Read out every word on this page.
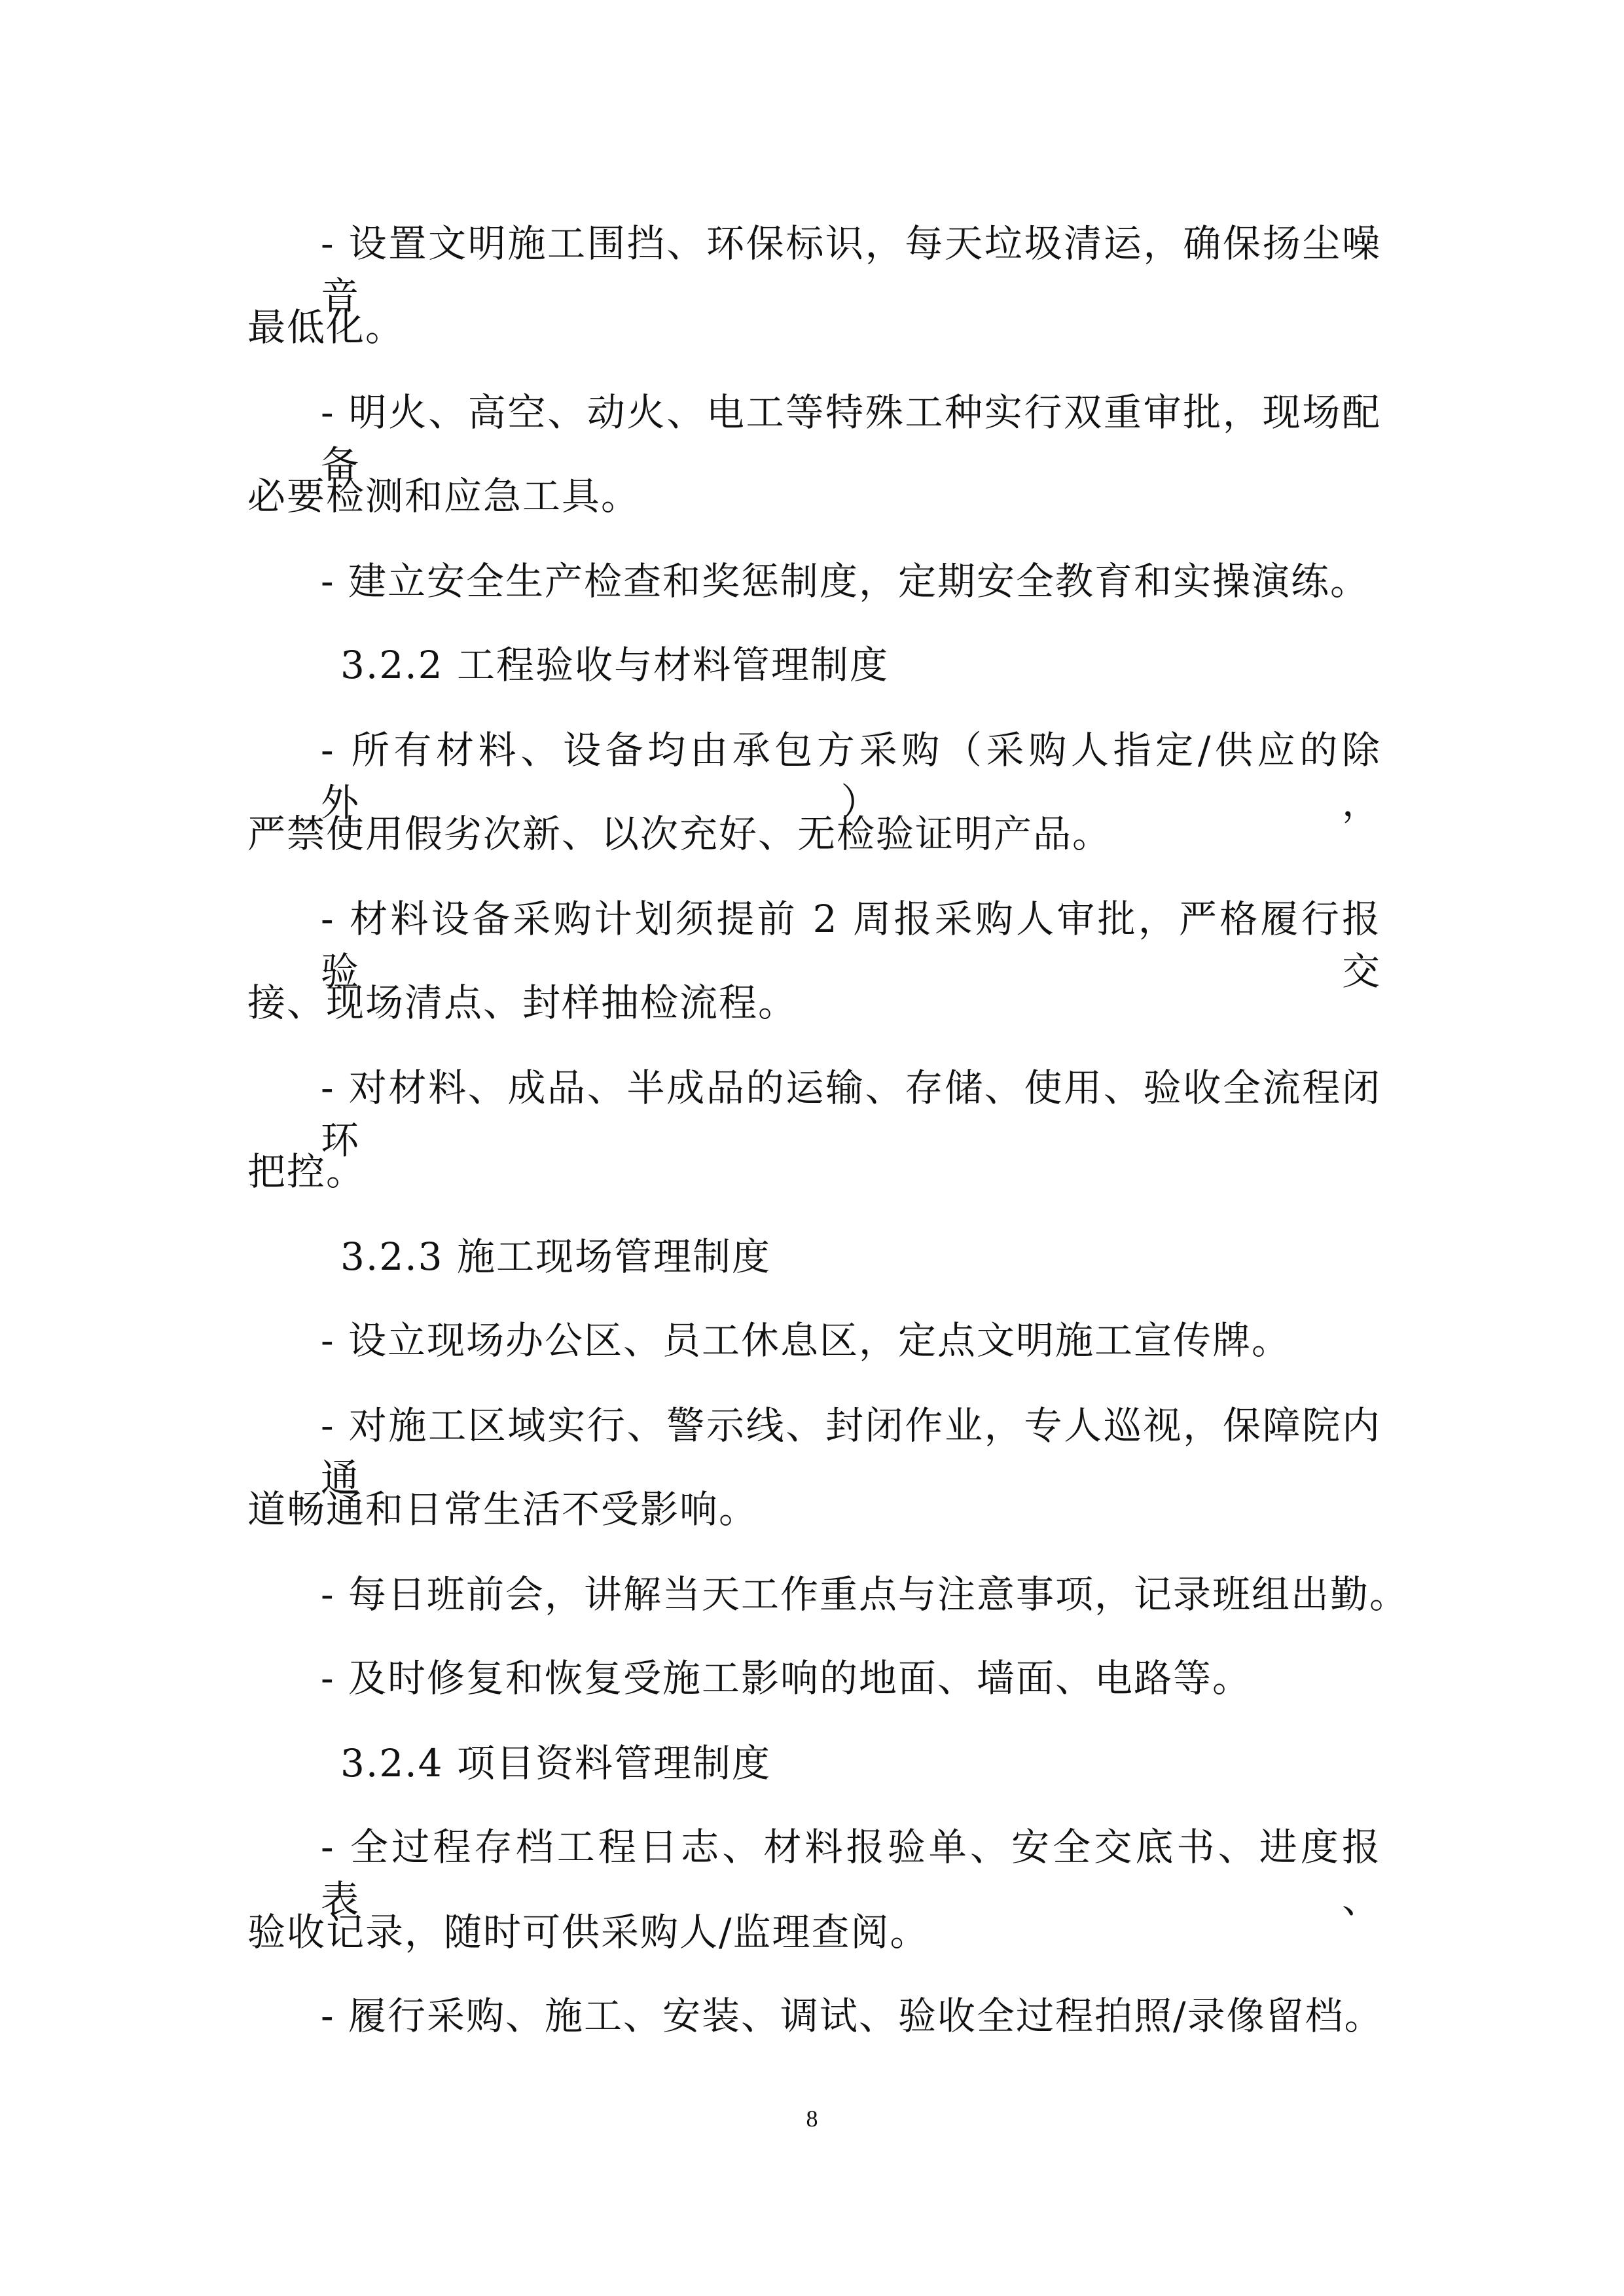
- 设置文明施工围挡、环保标识，每天垃圾清运，确保扬尘噪音
最低化。
- 明火、高空、动火、电工等特殊工种实行双重审批，现场配备
必要检测和应急工具。
- 建立安全生产检查和奖惩制度，定期安全教育和实操演练。
3.2.2 工程验收与材料管理制度
- 所有材料、设备均由承包方采购（采购人指定/供应的除外），
严禁使用假劣次新、以次充好、无检验证明产品。
- 材料设备采购计划须提前 2 周报采购人审批，严格履行报验交
接、现场清点、封样抽检流程。
- 对材料、成品、半成品的运输、存储、使用、验收全流程闭环
把控。
3.2.3 施工现场管理制度
- 设立现场办公区、员工休息区，定点文明施工宣传牌。
- 对施工区域实行、警示线、封闭作业，专人巡视，保障院内通
道畅通和日常生活不受影响。
- 每日班前会，讲解当天工作重点与注意事项，记录班组出勤。
- 及时修复和恢复受施工影响的地面、墙面、电路等。
3.2.4 项目资料管理制度
- 全过程存档工程日志、材料报验单、安全交底书、进度报表、
验收记录，随时可供采购人/监理查阅。
- 履行采购、施工、安装、调试、验收全过程拍照/录像留档。
8
